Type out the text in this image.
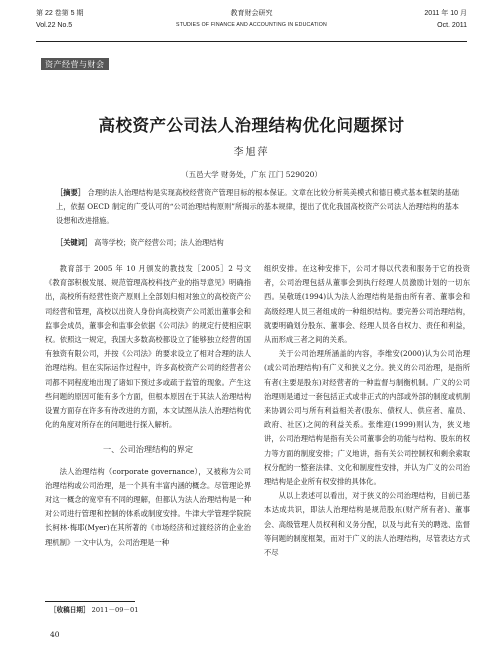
第 22 卷第 5 期	教育财会研究	2011 年 10 月
Vol.22 No.5	STUDIES OF FINANCE AND ACCOUNTING IN EDUCATION	Oct. 2011
资产经营与财会
高校资产公司法人治理结构优化问题探讨
李旭萍
（五邑大学 财务处，广东 江门 529020）
［摘要］ 合理的法人治理结构是实现高校经营资产管理目标的根本保证。文章在比较分析英美模式和德日模式基本框架的基础上，依据 OECD 制定的广受认可的“公司治理结构原则”所揭示的基本规律，提出了优化我国高校资产公司法人治理结构的基本设想和改进措施。
［关键词］ 高等学校；资产经营公司；法人治理结构

教育部于 2005 年 10 月颁发的教技发［2005］2 号文《教育部积极发展、规范管理高校科技产业的指导意见》明确指出，高校所有经营性资产原则上全部划归相对独立的高校资产公司经营和管理，高校以出资人身份向高校资产公司派出董事会和监事会成员，董事会和监事会依据《公司法》的规定行使相应职权。依照这一规定，我国大多数高校都设立了能够独立经营的国有独资有限公司，并按《公司法》的要求设立了相对合理的法人治理结构。但在实际运作过程中，许多高校资产公司的经营者公司都不同程度地出现了诸如下预过多或疏于监管的现象。产生这些问题的原因可能有多个方面，但根本原因在于其法人治理结构设置方面存在许多有待改进的方面，本文试图从法人治理结构优化的角度对所存在的问题进行探入解析。

一、公司治理结构的界定

法人治理结构（corporate governance），又被称为公司治理结构或公司治理，是一个具有丰富内涵的概念。尽管理论界对这一概念的宽窄有不同的理解，但都认为法人治理结构是一种对公司进行管理和控制的体系或制度安排。牛津大学管理学院院长柯林·梅耶(Myer)在其所著的《市场经济和过渡经济的企业治理机制》一文中认为，公司治理是一种

组织安排。在这种安排下，公司才得以代表和服务于它的投资者，公司治理包括从董事会到执行经理人员激励计划的一切东西。吴敬琏(1994)认为法人治理结构是指由所有者、董事会和高级经理人员三者组成的一种组织结构。要完善公司治理结构，就要明确划分股东、董事会、经理人员各自权力、责任和利益，从而形成三者之间的关系。

关于公司治理所涵盖的内容，李维安(2000)认为公司治理(或公司治理结构)有广义和狭义之分。狭义的公司治理，是指所有者(主要是股东)对经营者的一种监督与制衡机制。广义的公司治理则是通过一套包括正式或非正式的内部或外部的制度或机制来协调公司与所有利益相关者(股东、债权人、供应者、雇员、政府、社区)之间的利益关系。张维迎(1999)则认为，狭义地讲，公司治理结构是指有关公司董事会的功能与结构、股东的权力等方面的制度安排；广义地讲，指有关公司控制权和剩余索取权分配的一整套法律、文化和制度性安排，并认为广义的公司治理结构是企业所有权安排的具体化。

从以上表述可以看出，对于狭义的公司治理结构，目前已基本达成共识，即法人治理结构是规范股东(财产所有者)、董事会、高级管理人员权利和义务分配，以及与此有关的聘选、监督等问题的制度框架，而对于广义的法人治理结构，尽管表达方式不尽

［收稿日期］ 2011－09－01
40
